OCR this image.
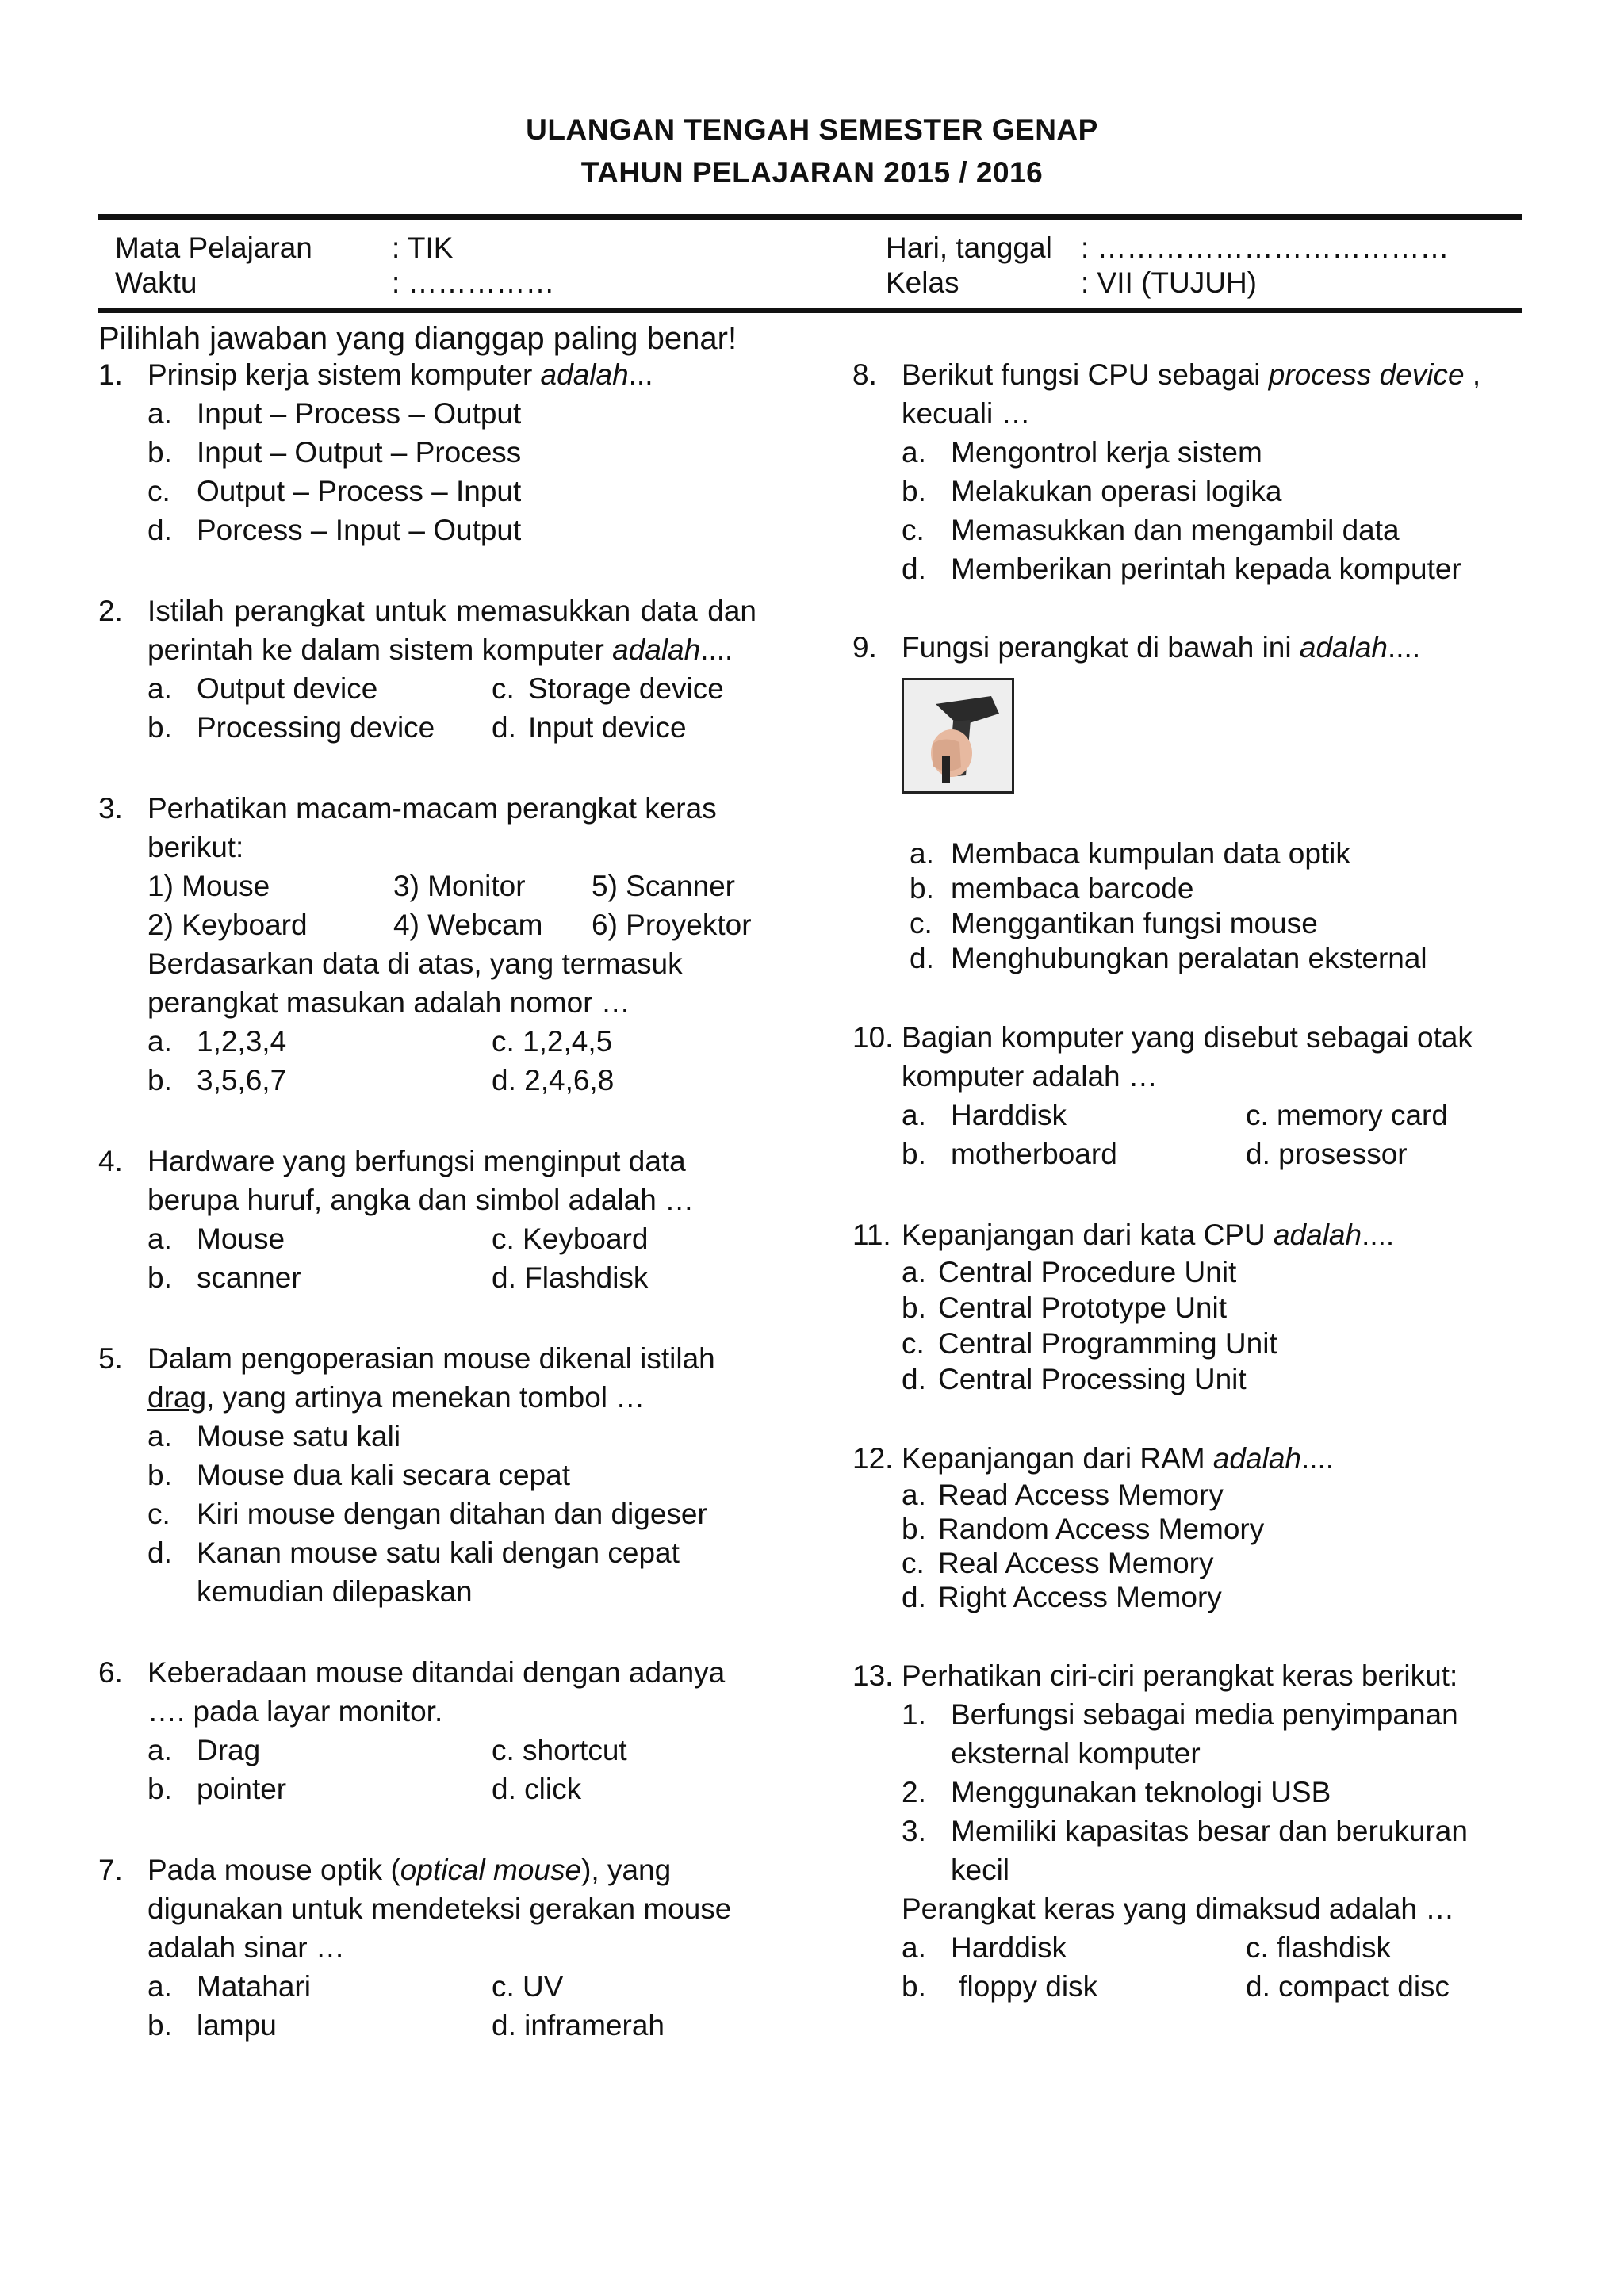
ULANGAN TENGAH SEMESTER GENAP
TAHUN PELAJARAN 2015 / 2016
Mata Pelajaran	: TIK
Waktu	: ……………
Hari, tanggal : ………………………………
Kelas	: VII (TUJUH)
Pilihlah jawaban yang dianggap paling benar!
1. Prinsip kerja sistem komputer adalah...
a. Input – Process – Output
b. Input – Output – Process
c. Output – Process – Input
d. Porcess – Input – Output
2. Istilah perangkat untuk memasukkan data dan perintah ke dalam sistem komputer adalah....
a. Output device	c. Storage device
b. Processing device d. Input device
3. Perhatikan macam-macam perangkat keras berikut:
1) Mouse	3) Monitor	5) Scanner
2) Keyboard	4) Webcam	6) Proyektor
Berdasarkan data di atas, yang termasuk perangkat masukan adalah nomor …
a. 1,2,3,4	c. 1,2,4,5
b. 3,5,6,7	d. 2,4,6,8
4. Hardware yang berfungsi menginput data berupa huruf, angka dan simbol adalah …
a. Mouse	c. Keyboard
b. scanner	d. Flashdisk
5. Dalam pengoperasian mouse dikenal istilah drag, yang artinya menekan tombol …
a. Mouse satu kali
b. Mouse dua kali secara cepat
c. Kiri mouse dengan ditahan dan digeser
d. Kanan mouse satu kali dengan cepat kemudian dilepaskan
6. Keberadaan mouse ditandai dengan adanya …. pada layar monitor.
a. Drag	c. shortcut
b. pointer	d. click
7. Pada mouse optik (optical mouse), yang digunakan untuk mendeteksi gerakan mouse adalah sinar …
a. Matahari	c. UV
b. lampu	d. inframerah
8. Berikut fungsi CPU sebagai process device , kecuali …
a. Mengontrol kerja sistem
b. Melakukan operasi logika
c. Memasukkan dan mengambil data
d. Memberikan perintah kepada komputer
9. Fungsi perangkat di bawah ini adalah....
a. Membaca kumpulan data optik
b. membaca barcode
c. Menggantikan fungsi mouse
d. Menghubungkan peralatan eksternal
10. Bagian komputer yang disebut sebagai otak komputer adalah …
a. Harddisk	c. memory card
b. motherboard	d. prosessor
11. Kepanjangan dari kata CPU adalah....
a. Central Procedure Unit
b. Central Prototype Unit
c. Central Programming Unit
d. Central Processing Unit
12. Kepanjangan dari RAM adalah....
a. Read Access Memory
b. Random Access Memory
c. Real Access Memory
d. Right Access Memory
13. Perhatikan ciri-ciri perangkat keras berikut:
1. Berfungsi sebagai media penyimpanan eksternal komputer
2. Menggunakan teknologi USB
3. Memiliki kapasitas besar dan berukuran kecil
Perangkat keras yang dimaksud adalah …
a. Harddisk	c. flashdisk
b. floppy disk	d. compact disc
